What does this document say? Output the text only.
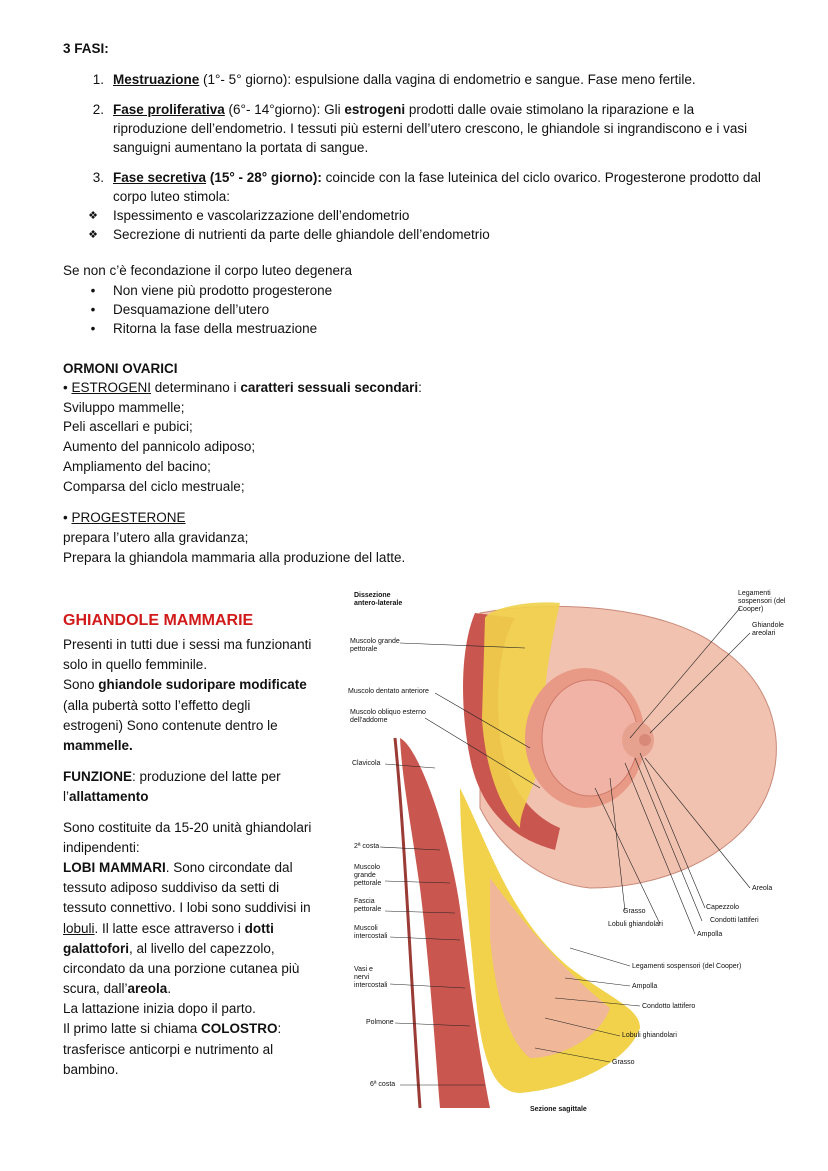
3 FASI:
1. Mestruazione (1°- 5° giorno): espulsione dalla vagina di endometrio e sangue. Fase meno fertile.
2. Fase proliferativa (6°- 14°giorno): Gli estrogeni prodotti dalle ovaie stimolano la riparazione e la
riproduzione dell’endometrio. I tessuti più esterni dell’utero crescono, le ghiandole si ingrandiscono e i vasi
sanguigni aumentano la portata di sangue.
3. Fase secretiva (15° - 28° giorno): coincide con la fase luteinica del ciclo ovarico. Progesterone prodotto dal
corpo luteo stimola:
❖ Ispessimento e vascolarizzazione dell’endometrio
❖ Secrezione di nutrienti da parte delle ghiandole dell’endometrio
Se non c’è fecondazione il corpo luteo degenera
•	Non viene più prodotto progesterone
•	Desquamazione dell’utero
•	Ritorna la fase della mestruazione
ORMONI OVARICI
• ESTROGENI determinano i caratteri sessuali secondari:
Sviluppo mammelle;
Peli ascellari e pubici;
Aumento del pannicolo adiposo;
Ampliamento del bacino;
Comparsa del ciclo mestruale;
• PROGESTERONE
prepara l’utero alla gravidanza;
Prepara la ghiandola mammaria alla produzione del latte.
GHIANDOLE MAMMARIE
Presenti in tutti due i sessi ma funzionanti
solo in quello femminile.
Sono ghiandole sudoripare modificate
(alla pubertà sotto l’effetto degli
estrogeni) Sono contenute dentro le
mammelle.
FUNZIONE: produzione del latte per
l’allattamento
Sono costituite da 15-20 unità ghiandolari
indipendenti:
LOBI MAMMARI. Sono circondate dal
tessuto adiposo suddiviso da setti di
tessuto connettivo. I lobi sono suddivisi in
lobuli. Il latte esce attraverso i dotti
galattofori, al livello del capezzolo,
circondato da una porzione cutanea più
scura, dall’areola.
La lattazione inizia dopo il parto.
Il primo latte si chiama COLOSTRO:
trasferisce anticorpi e nutrimento al
bambino.
Dissezione
antero-laterale
Muscolo grande pettorale
Muscolo dentato anteriore
Muscolo obliquo esterno dell'addome
Clavicola
2ª costa
Muscolo grande pettorale
Fascia pettorale
Muscoli intercostali
Vasi e nervi intercostali
Polmone
6ª costa
Legamenti sospensori (del Cooper)
Ghiandole areolari
Areola
Capezzolo
Condotti lattiferi
Ampolla
Grasso
Lobuli ghiandolari
Legamenti sospensori (del Cooper)
Ampolla
Condotto lattifero
Lobuli ghiandolari
Grasso
Sezione sagittale
